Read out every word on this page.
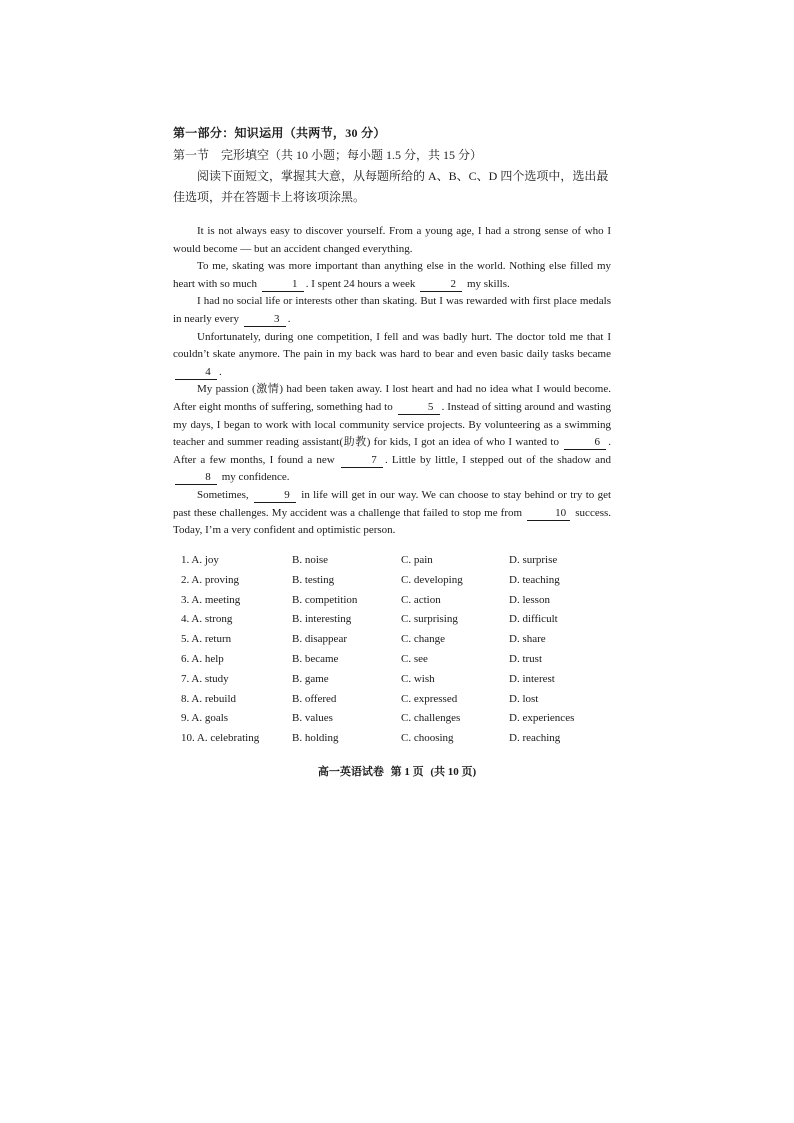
第一部分：知识运用（共两节，30 分）
第一节　完形填空（共 10 小题；每小题 1.5 分，共 15 分）
阅读下面短文，掌握其大意，从每题所给的 A、B、C、D 四个选项中，选出最佳选项，并在答题卡上将该项涂黑。

It is not always easy to discover yourself. From a young age, I had a strong sense of who I would become — but an accident changed everything.

To me, skating was more important than anything else in the world. Nothing else filled my heart with so much	1 . I spent 24 hours a week	2 my skills.

I had no social life or interests other than skating. But I was rewarded with first place medals in nearly every	3 .

Unfortunately, during one competition, I fell and was badly hurt. The doctor told me that I couldn’t skate anymore. The pain in my back was hard to bear and even basic daily tasks became 4 .

My passion (激情) had been taken away. I lost heart and had no idea what I would become. After eight months of suffering, something had to	5 . Instead of sitting around and wasting my days, I began to work with local community service projects. By volunteering as a swimming teacher and summer reading assistant(助教) for kids, I got an idea of who I wanted to	6 . After a few months, I found a new	7 . Little by little, I stepped out of the shadow and 8 my confidence.

Sometimes,	9 in life will get in our way. We can choose to stay behind or try to get past these challenges. My accident was a challenge that failed to stop me from	10 success. Today, I’m a very confident and optimistic person.

1. A. joy	B. noise	C. pain	D. surprise
2. A. proving	B. testing	C. developing	D. teaching
3. A. meeting	B. competition	C. action	D. lesson
4. A. strong	B. interesting	C. surprising	D. difficult
5. A. return	B. disappear	C. change	D. share
6. A. help	B. became	C. see	D. trust
7. A. study	B. game	C. wish	D. interest
8. A. rebuild	B. offered	C. expressed	D. lost
9. A. goals	B. values	C. challenges	D. experiences
10. A. celebrating	B. holding	C. choosing	D. reaching
高一英语试卷 第 1 页 (共 10 页)
